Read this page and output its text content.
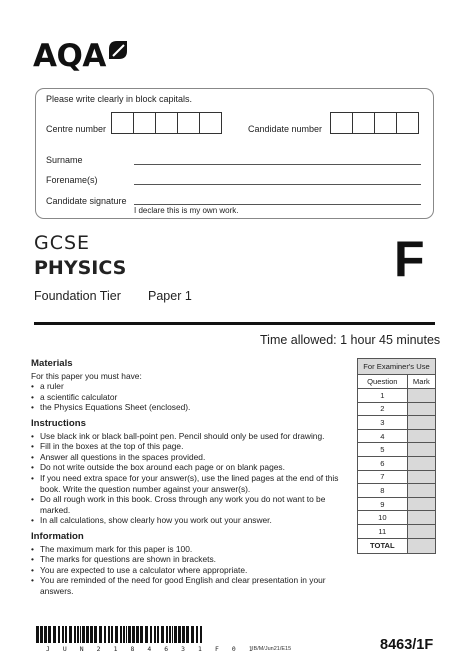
AQA
Please write clearly in block capitals.
Centre number	Candidate number
Surname
Forename(s)
Candidate signature
I declare this is my own work.
GCSE
PHYSICS
Foundation Tier Paper 1
F
Time allowed: 1 hour 45 minutes
Materials
For this paper you must have:
• a ruler
• a scientific calculator
• the Physics Equations Sheet (enclosed).
Instructions
• Use black ink or black ball-point pen. Pencil should only be used for drawing.
• Fill in the boxes at the top of this page.
• Answer all questions in the spaces provided.
• Do not write outside the box around each page or on blank pages.
• If you need extra space for your answer(s), use the lined pages at the end of this book. Write the question number against your answer(s).
• Do all rough work in this book. Cross through any work you do not want to be marked.
• In all calculations, show clearly how you work out your answer.
Information
• The maximum mark for this paper is 100.
• The marks for questions are shown in brackets.
• You are expected to use a calculator where appropriate.
• You are reminded of the need for good English and clear presentation in your answers.
For Examiner's Use	
Question	Mark
1	
2	
3	
4	
5	
6	
7	
8	
9	
10	
11	
TOTAL	
J U N 2 1 8 4 6 3 1 F 0 1
IB/M/Jun21/E15	8463/1F
